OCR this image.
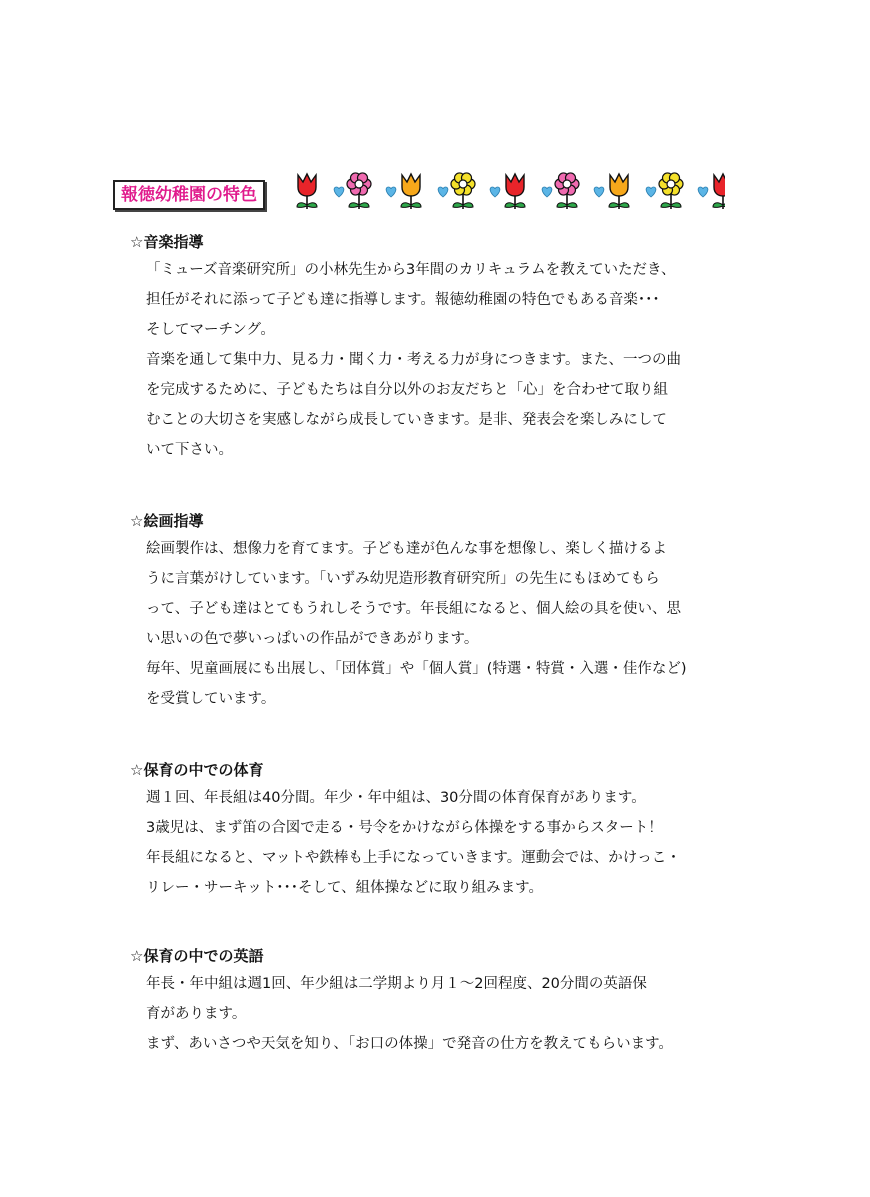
報徳幼稚園の特色

☆音楽指導

「ミューズ音楽研究所」の小林先生から3年間のカリキュラムを教えていただき、

担任がそれに添って子ども達に指導します。報徳幼稚園の特色でもある音楽･･･

そしてマーチング。

音楽を通して集中力、見る力・聞く力・考える力が身につきます。また、一つの曲

を完成するために、子どもたちは自分以外のお友だちと「心」を合わせて取り組

むことの大切さを実感しながら成長していきます。是非、発表会を楽しみにして

いて下さい。

☆絵画指導

絵画製作は、想像力を育てます。子ども達が色んな事を想像し、楽しく描けるよ

うに言葉がけしています。「いずみ幼児造形教育研究所」の先生にもほめてもら

って、子ども達はとてもうれしそうです。年長組になると、個人絵の具を使い、思

い思いの色で夢いっぱいの作品ができあがります。

毎年、児童画展にも出展し、「団体賞」や「個人賞」(特選・特賞・入選・佳作など)

を受賞しています。

☆保育の中での体育

週１回、年長組は40分間。年少・年中組は、30分間の体育保育があります。

3歳児は、まず笛の合図で走る・号令をかけながら体操をする事からスタート！

年長組になると、マットや鉄棒も上手になっていきます。運動会では、かけっこ・

リレー・サーキット･･･そして、組体操などに取り組みます。

☆保育の中での英語

年長・年中組は週1回、年少組は二学期より月１～2回程度、20分間の英語保

育があります。

まず、あいさつや天気を知り、「お口の体操」で発音の仕方を教えてもらいます。
